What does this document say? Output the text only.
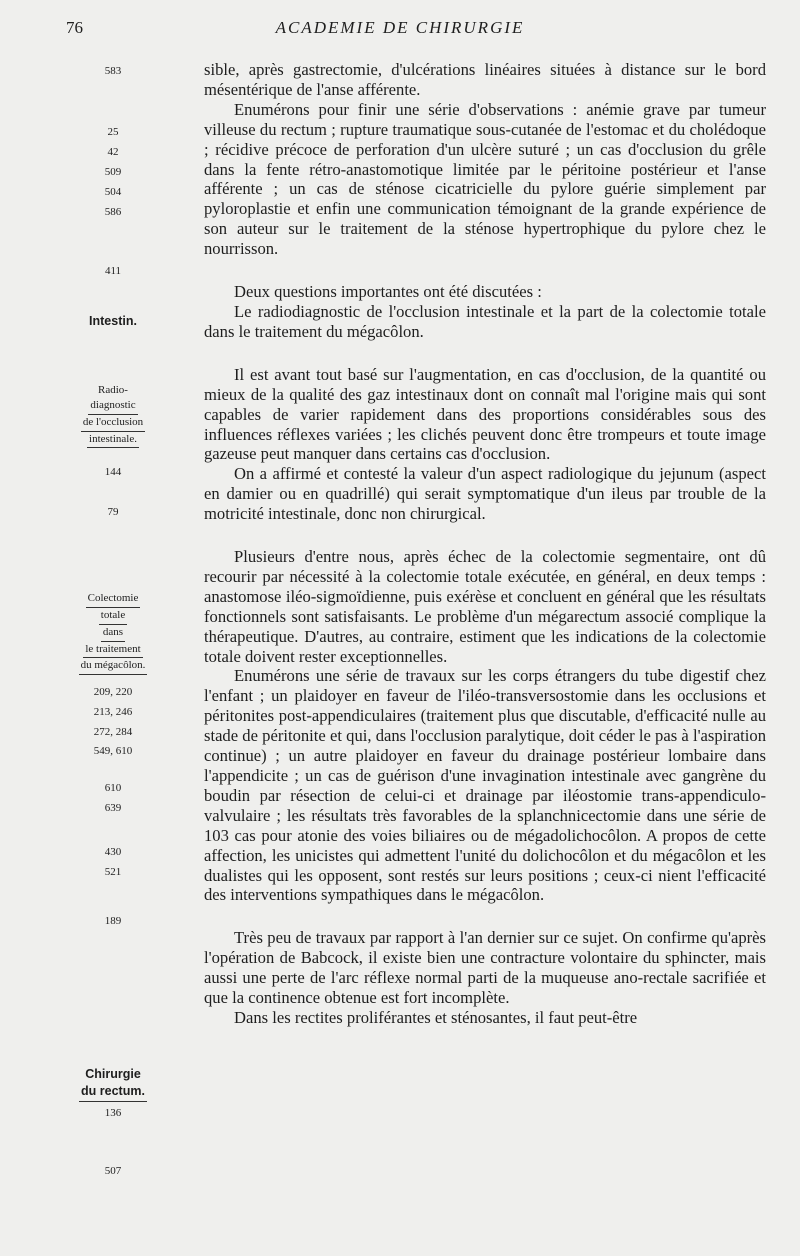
76	ACADEMIE DE CHIRURGIE
583
25
42
509
504
586
411
Intestin.
Radio-
diagnostic
de l'occlusion
intestinale.
144
79
Colectomie
totale
dans
le traitement
du mégacôlon.
209, 220
213, 246
272, 284
549, 610
610
639
430
521
189
Chirurgie
du rectum.
136
507

sible, après gastrectomie, d'ulcérations linéaires situées à distance sur le bord mésentérique de l'anse afférente.

Enumérons pour finir une série d'observations : anémie grave par tumeur villeuse du rectum ; rupture traumatique sous-cutanée de l'estomac et du cholédoque ; récidive précoce de perforation d'un ulcère suturé ; un cas d'occlusion du grêle dans la fente rétro-anastomotique limitée par le péritoine postérieur et l'anse afférente ; un cas de sténose cicatricielle du pylore guérie simplement par pyloroplastie et enfin une communication témoignant de la grande expérience de son auteur sur le traitement de la sténose hypertrophique du pylore chez le nourrisson.

Deux questions importantes ont été discutées :

Le radiodiagnostic de l'occlusion intestinale et la part de la colectomie totale dans le traitement du mégacôlon.

Il est avant tout basé sur l'augmentation, en cas d'occlusion, de la quantité ou mieux de la qualité des gaz intestinaux dont on connaît mal l'origine mais qui sont capables de varier rapidement dans des proportions considérables sous des influences réflexes variées ; les clichés peuvent donc être trompeurs et toute image gazeuse peut manquer dans certains cas d'occlusion.

On a affirmé et contesté la valeur d'un aspect radiologique du jejunum (aspect en damier ou en quadrillé) qui serait symptomatique d'un ileus par trouble de la motricité intestinale, donc non chirurgical.

Plusieurs d'entre nous, après échec de la colectomie segmentaire, ont dû recourir par nécessité à la colectomie totale exécutée, en général, en deux temps : anastomose iléo-sigmoïdienne, puis exérèse et concluent en général que les résultats fonctionnels sont satisfaisants. Le problème d'un mégarectum associé complique la thérapeutique. D'autres, au contraire, estiment que les indications de la colectomie totale doivent rester exceptionnelles.

Enumérons une série de travaux sur les corps étrangers du tube digestif chez l'enfant ; un plaidoyer en faveur de l'iléo-transversostomie dans les occlusions et péritonites post-appendiculaires (traitement plus que discutable, d'efficacité nulle au stade de péritonite et qui, dans l'occlusion paralytique, doit céder le pas à l'aspiration continue) ; un autre plaidoyer en faveur du drainage postérieur lombaire dans l'appendicite ; un cas de guérison d'une invagination intestinale avec gangrène du boudin par résection de celui-ci et drainage par iléostomie trans-appendiculo-valvulaire ; les résultats très favorables de la splanchnicectomie dans une série de 103 cas pour atonie des voies biliaires ou de mégadolichocôlon. A propos de cette affection, les unicistes qui admettent l'unité du dolichocôlon et du mégacôlon et les dualistes qui les opposent, sont restés sur leurs positions ; ceux-ci nient l'efficacité des interventions sympathiques dans le mégacôlon.

Très peu de travaux par rapport à l'an dernier sur ce sujet. On confirme qu'après l'opération de Babcock, il existe bien une contracture volontaire du sphincter, mais aussi une perte de l'arc réflexe normal parti de la muqueuse ano-rectale sacrifiée et que la continence obtenue est fort incomplète.

Dans les rectites proliférantes et sténosantes, il faut peut-être
